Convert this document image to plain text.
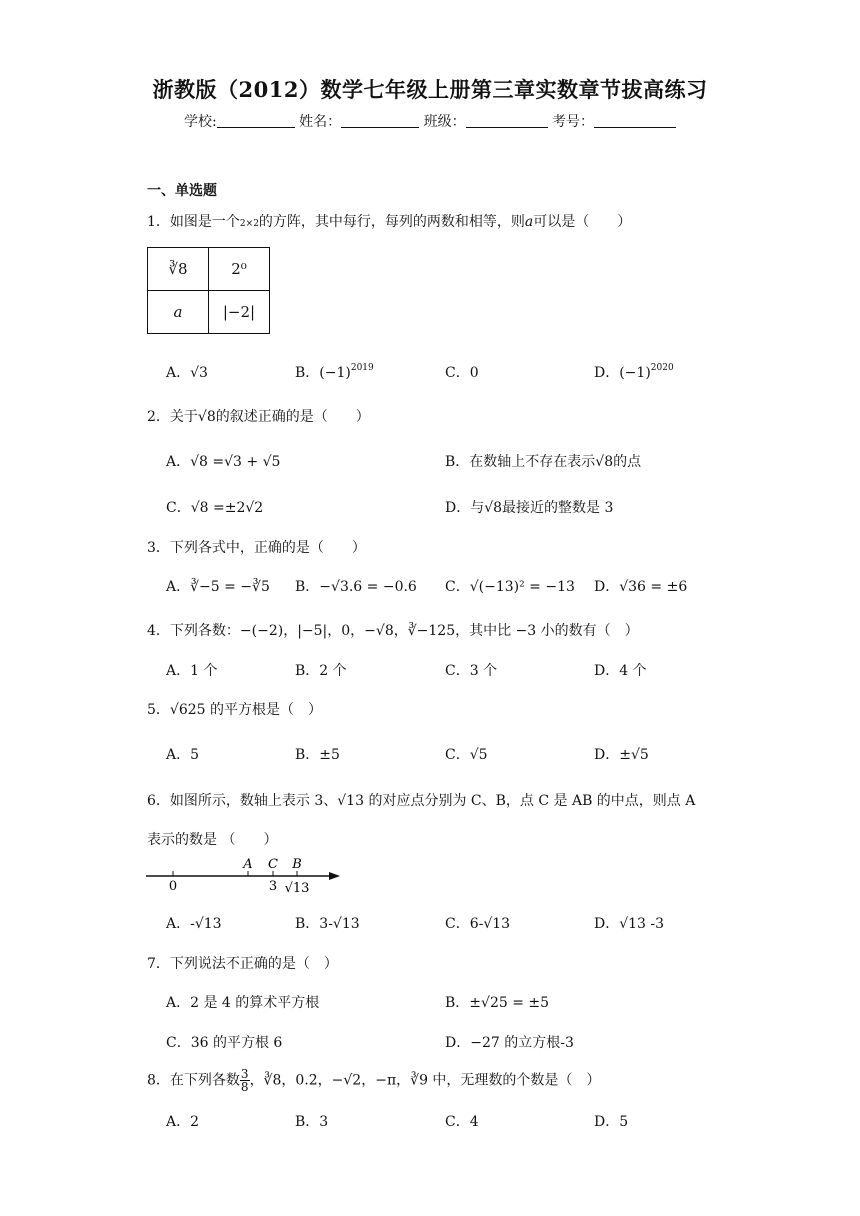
浙教版（2012）数学七年级上册第三章实数章节拔高练习
学校:	姓名：	班级：	考号：
一、单选题
1．如图是一个2×2的方阵，其中每行，每列的两数和相等，则a可以是（　　）
∛8	2⁰
a	|−2|
A．√3	B．$(-1)^{2019}$	C．0	D．$(-1)^{2020}$
2．关于√8的叙述正确的是（　　）
A．√8 =√3 + √5	B．在数轴上不存在表示√8的点
C．√8 =±2√2	D．与√8最接近的整数是 3
3．下列各式中，正确的是（　　）
A．∛−5 = −∛5 B．−√3.6 = −0.6 C．√(−13)² = −13 D．√36 = ±6
4．下列各数：−(−2)，|−5|，0，−√8，∛−125，其中比 −3 小的数有（　）
A．1 个	B．2 个	C．3 个	D．4 个
5．√625 的平方根是（　）
A．5	B．±5	C．√5	D．±√5
6．如图所示，数轴上表示 3、√13 的对应点分别为 C、B，点 C 是 AB 的中点，则点 A
表示的数是 （　　）
0
A C B
3 √13
A．-√13	B．3-√13	C．6-√13	D．√13 -3
7．下列说法不正确的是（　）
A．2 是 4 的算术平方根	B．±√25 = ±5
C．36 的平方根 6	D．−27 的立方根-3
8．在下列各数 $\frac{3}{8}$ ，∛8，0.2̇，−√2，−π，∛9 中，无理数的个数是（　）
A．2	B．3	C．4	D．5
